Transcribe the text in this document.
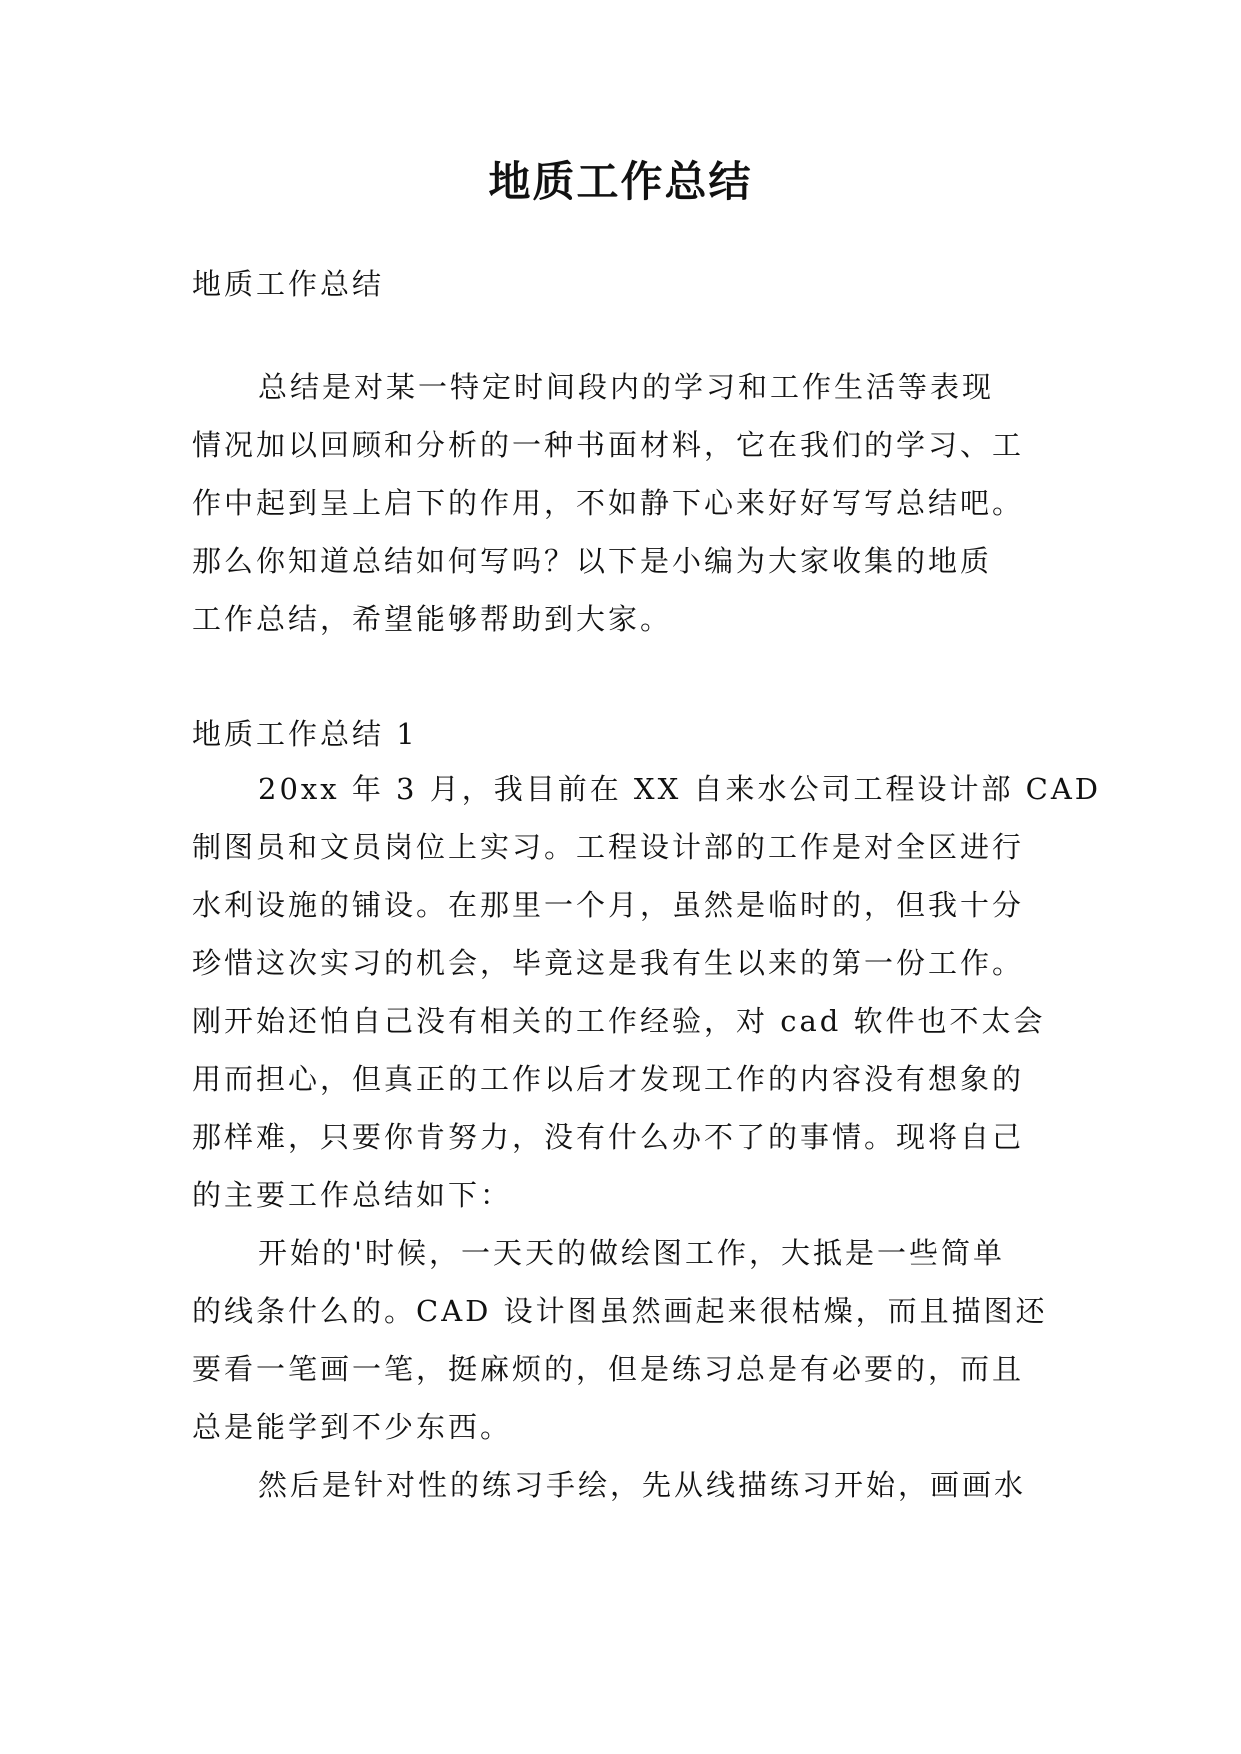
地质工作总结
地质工作总结
总结是对某一特定时间段内的学习和工作生活等表现
情况加以回顾和分析的一种书面材料，它在我们的学习、工
作中起到呈上启下的作用，不如静下心来好好写写总结吧。
那么你知道总结如何写吗？以下是小编为大家收集的地质
工作总结，希望能够帮助到大家。
地质工作总结 1
20xx 年 3 月，我目前在 XX 自来水公司工程设计部 CAD
制图员和文员岗位上实习。工程设计部的工作是对全区进行
水利设施的铺设。在那里一个月，虽然是临时的，但我十分
珍惜这次实习的机会，毕竟这是我有生以来的第一份工作。
刚开始还怕自己没有相关的工作经验，对 cad 软件也不太会
用而担心，但真正的工作以后才发现工作的内容没有想象的
那样难，只要你肯努力，没有什么办不了的事情。现将自己
的主要工作总结如下：
开始的'时候，一天天的做绘图工作，大抵是一些简单
的线条什么的。CAD 设计图虽然画起来很枯燥，而且描图还
要看一笔画一笔，挺麻烦的，但是练习总是有必要的，而且
总是能学到不少东西。
然后是针对性的练习手绘，先从线描练习开始，画画水
